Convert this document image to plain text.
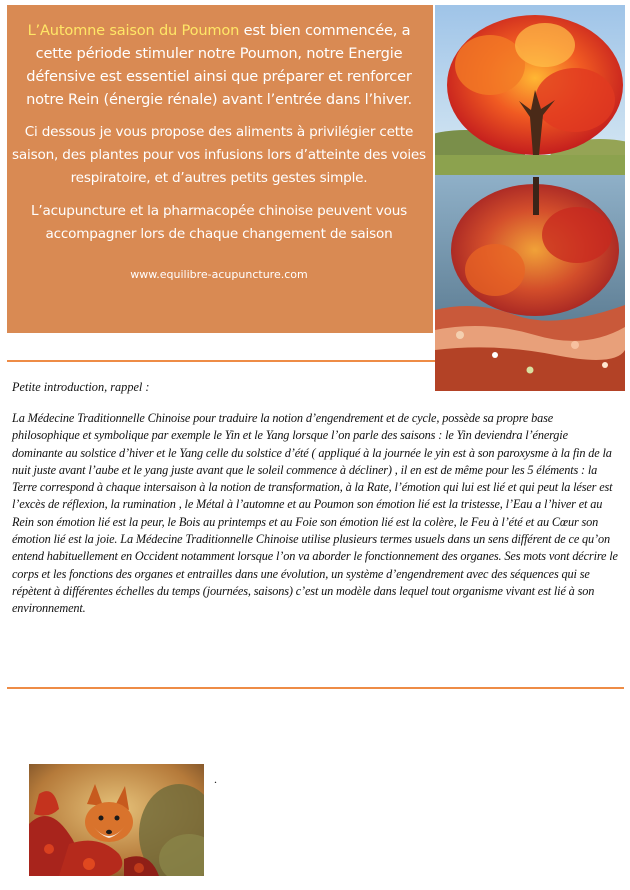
L’Automne saison du Poumon est bien commencée, a cette période stimuler notre Poumon, notre Energie défensive est essentiel ainsi que préparer et renforcer notre Rein (énergie rénale) avant l’entrée dans l’hiver.

Ci dessous je vous propose des aliments à privilégier cette saison, des plantes pour vos infusions lors d’atteinte des voies respiratoire, et d’autres petits gestes simple.

L’acupuncture et la pharmacopée chinoise peuvent vous accompagner lors de chaque changement de saison

www.equilibre-acupuncture.com

Petite introduction, rappel :

La Médecine Traditionnelle Chinoise pour traduire la notion d’engendrement et de cycle, possède sa propre base philosophique et symbolique par exemple le Yin et le Yang lorsque l’on parle des saisons : le Yin deviendra l’énergie dominante au solstice d’hiver et le Yang celle du solstice d’été ( appliqué à la journée le yin est à son paroxysme à la fin de la nuit juste avant l’aube et le yang juste avant que le soleil commence à décliner) , il en est de même pour les 5 éléments : la Terre correspond à chaque intersaison à la notion de transformation, à la Rate, l’émotion qui lui est lié et qui peut la léser est l’excès de réflexion, la rumination , le Métal à l’automne et au Poumon son émotion lié est la tristesse, l’Eau a l’hiver et au Rein son émotion lié est la peur, le Bois au printemps et au Foie son émotion lié est la colère, le Feu à l’été et au Cœur son émotion lié est la joie. La Médecine Traditionnelle Chinoise utilise plusieurs termes usuels dans un sens différent de ce qu’on entend habituellement en Occident notamment lorsque l’on va aborder le fonctionnement des organes. Ses mots vont décrire le corps et les fonctions des organes et entrailles dans une évolution, un système d’engendrement avec des séquences qui se répètent à différentes échelles du temps (journées, saisons) c’est un modèle dans lequel tout organisme vivant est lié à son environnement.

.
